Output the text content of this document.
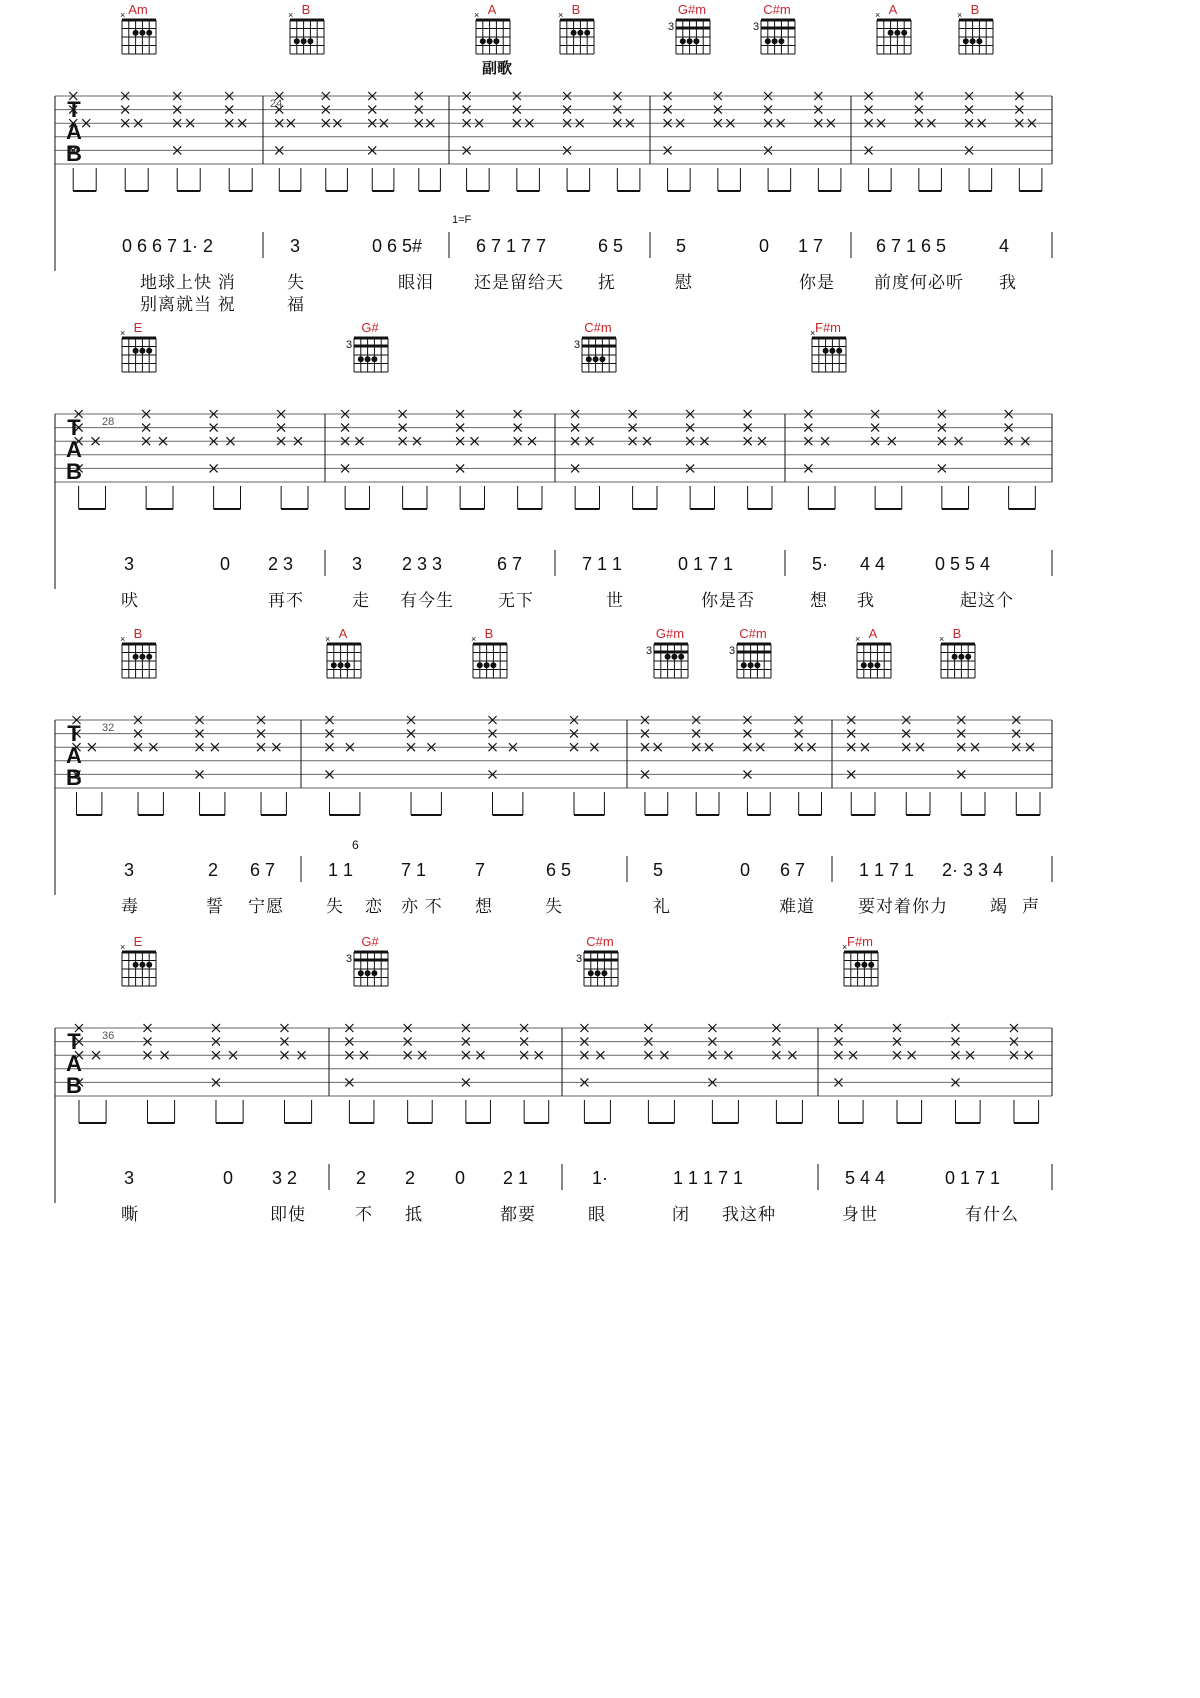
副歌
1=F
Am
×	B
×	A
×	B
×	G#m
3
C#m
3
A
×	B
×
E
×	G#
3
C#m
3
F#m
×
B
×	A
×	B
×	G#m
3
C#m
3
A
×	B
×
E
×	G#
3
C#m
3
F#m
×
T
A
B
24
0 6 6 7 1· 2	3	0 6 5#	6 7 1 7 7	6 5	5	0 1 7	6 7 1 6 5	4
地球上快 消	失	眼泪 还是留给天 抚	慰	你是 前度何必听 我
别离就当 祝	福
T
A
B
28
3	0 2 3	3 2 3 3	6 7	7 1 1	0 1 7 1	5· 4 4	0 5 5 4
吠	再不	走 有今生	无下	世	你是否	想 我	起这个
T
A
B
32
3	2 6 7	1 1	7 1	7	6 5	5	0 6 7	1 1 7 1 2· 3 3 4
6
毒	誓 宁愿 失 恋 亦 不 想	失	礼	难道	要对着你力 竭 声
T
A
B
36
3	0 3 2	2 2 0 2 1	1·	1 1 1 7 1	5 4 4	0 1 7 1
嘶	即使	不 抵	都要	眼	闭 我这种	身世	有什么
